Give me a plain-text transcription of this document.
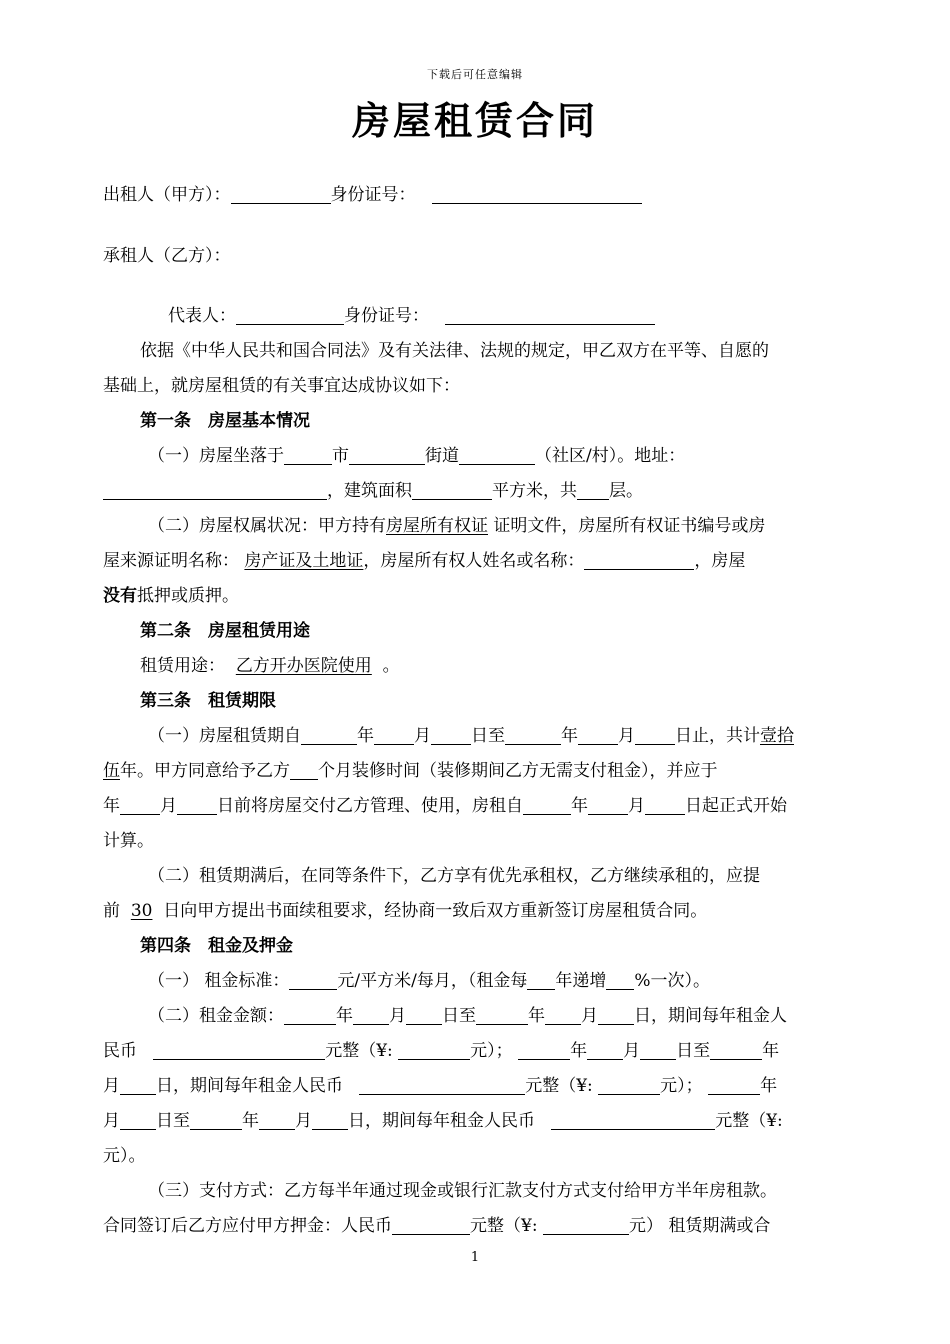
下载后可任意编辑
房屋租赁合同
出租人（甲方）：	身份证号：
承租人（乙方）：
代表人：	身份证号：
依据《中华人民共和国合同法》及有关法律、法规的规定，甲乙双方在平等、自愿的
基础上，就房屋租赁的有关事宜达成协议如下：
第一条　房屋基本情况
（一）房屋坐落于	市	街道	（社区/村）。地址：
，建筑面积	平方米，共 层。
（二）房屋权属状况：甲方持有房屋所有权证 证明文件，房屋所有权证书编号或房
屋来源证明名称： 房产证及土地证，房屋所有权人姓名或名称：	，房屋
没有抵押或质押。
第二条　房屋租赁用途
租赁用途： 乙方开办医院使用 。
第三条　租赁期限
（一）房屋租赁期自	年 月 日至	年 月 日止，共计壹拾
伍年。甲方同意给予乙方 个月装修时间（装修期间乙方无需支付租金），并应于
年 月 日前将房屋交付乙方管理、使用，房租自	年 月 日起正式开始
计算。
（二）租赁期满后，在同等条件下，乙方享有优先承租权，乙方继续承租的，应提
前 30 日向甲方提出书面续租要求，经协商一致后双方重新签订房屋租赁合同。
第四条　租金及押金
（一） 租金标准：	元/平方米/每月，（租金每 年递增 %一次）。
（二）租金金额：	年 月 日至	年 月 日，期间每年租金人
民币	元整（¥:	元）；	年 月 日至	年
月 日，期间每年租金人民币	元整（¥:	元）；	年
月 日至	年 月 日，期间每年租金人民币	元整（¥:
元）。
（三）支付方式：乙方每半年通过现金或银行汇款支付方式支付给甲方半年房租款。
合同签订后乙方应付甲方押金：人民币	元整（¥:	元） 租赁期满或合
1
